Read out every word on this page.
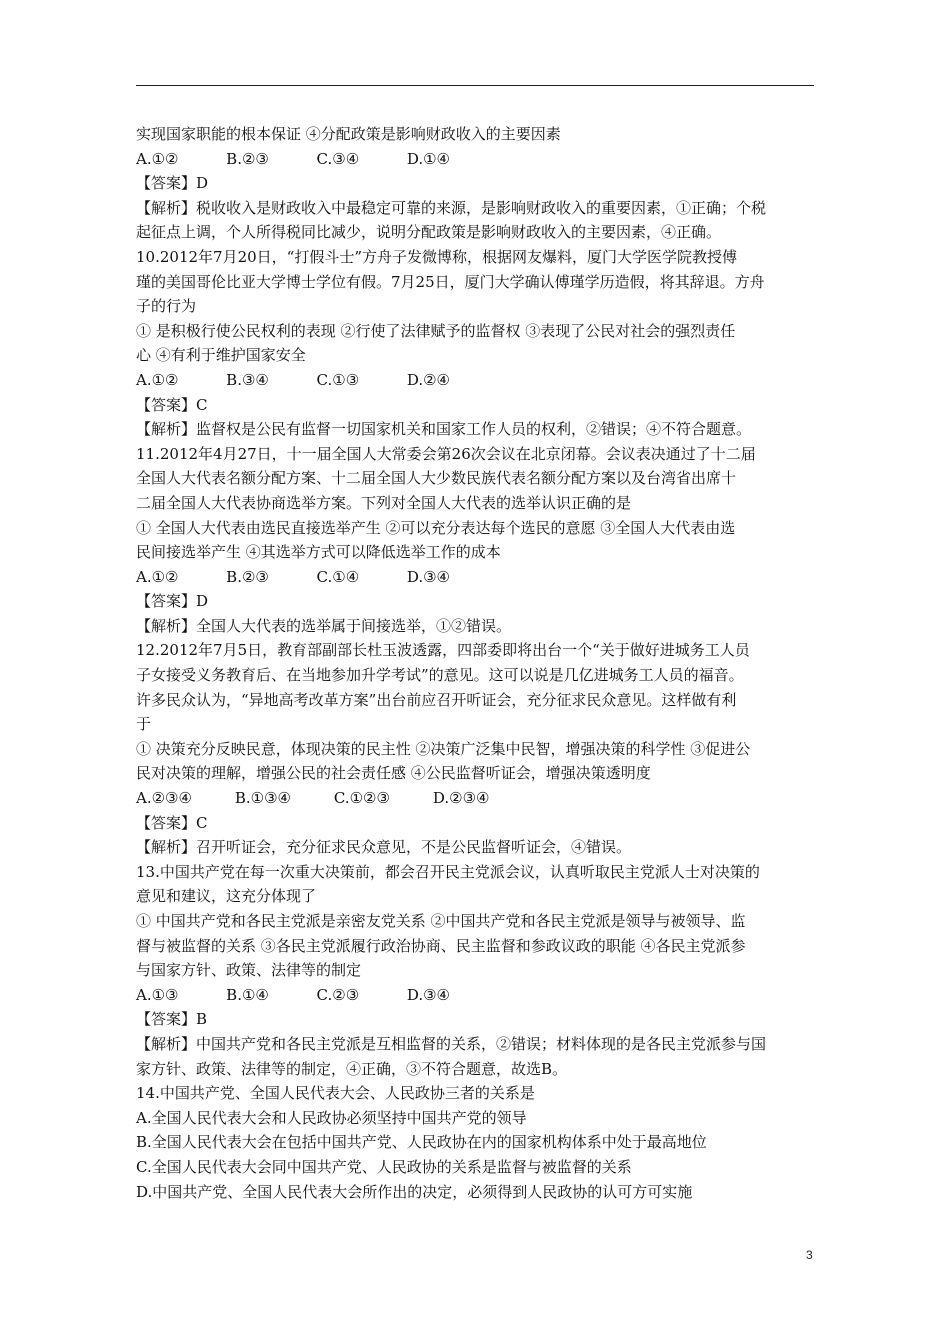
实现国家职能的根本保证 ④分配政策是影响财政收入的主要因素
A.①②          B.②③          C.③④          D.①④
【答案】D
【解析】税收收入是财政收入中最稳定可靠的来源，是影响财政收入的重要因素，①正确；个税
起征点上调，个人所得税同比减少，说明分配政策是影响财政收入的主要因素，④正确。
10.2012年7月20日，“打假斗士”方舟子发微博称，根据网友爆料，厦门大学医学院教授傅
瑾的美国哥伦比亚大学博士学位有假。7月25日，厦门大学确认傅瑾学历造假，将其辞退。方舟
子的行为
① 是积极行使公民权利的表现 ②行使了法律赋予的监督权 ③表现了公民对社会的强烈责任
心 ④有利于维护国家安全
A.①②          B.③④          C.①③          D.②④
【答案】C
【解析】监督权是公民有监督一切国家机关和国家工作人员的权利，②错误；④不符合题意。
11.2012年4月27日，十一届全国人大常委会第26次会议在北京闭幕。会议表决通过了十二届
全国人大代表名额分配方案、十二届全国人大少数民族代表名额分配方案以及台湾省出席十
二届全国人大代表协商选举方案。下列对全国人大代表的选举认识正确的是
① 全国人大代表由选民直接选举产生 ②可以充分表达每个选民的意愿 ③全国人大代表由选
民间接选举产生 ④其选举方式可以降低选举工作的成本
A.①②          B.②③          C.①④          D.③④
【答案】D
【解析】全国人大代表的选举属于间接选举，①②错误。
12.2012年7月5日，教育部副部长杜玉波透露，四部委即将出台一个“关于做好进城务工人员
子女接受义务教育后、在当地参加升学考试”的意见。这可以说是几亿进城务工人员的福音。
许多民众认为，“异地高考改革方案”出台前应召开听证会，充分征求民众意见。这样做有利
于
① 决策充分反映民意，体现决策的民主性 ②决策广泛集中民智，增强决策的科学性 ③促进公
民对决策的理解，增强公民的社会责任感 ④公民监督听证会，增强决策透明度
A.②③④         B.①③④         C.①②③         D.②③④
【答案】C
【解析】召开听证会，充分征求民众意见，不是公民监督听证会，④错误。
13.中国共产党在每一次重大决策前，都会召开民主党派会议，认真听取民主党派人士对决策的
意见和建议，这充分体现了
① 中国共产党和各民主党派是亲密友党关系 ②中国共产党和各民主党派是领导与被领导、监
督与被监督的关系 ③各民主党派履行政治协商、民主监督和参政议政的职能 ④各民主党派参
与国家方针、政策、法律等的制定
A.①③          B.①④          C.②③          D.③④
【答案】B
【解析】中国共产党和各民主党派是互相监督的关系，②错误；材料体现的是各民主党派参与国
家方针、政策、法律等的制定，④正确，③不符合题意，故选B。
14.中国共产党、全国人民代表大会、人民政协三者的关系是
A.全国人民代表大会和人民政协必须坚持中国共产党的领导
B.全国人民代表大会在包括中国共产党、人民政协在内的国家机构体系中处于最高地位
C.全国人民代表大会同中国共产党、人民政协的关系是监督与被监督的关系
D.中国共产党、全国人民代表大会所作出的决定，必须得到人民政协的认可方可实施
3
